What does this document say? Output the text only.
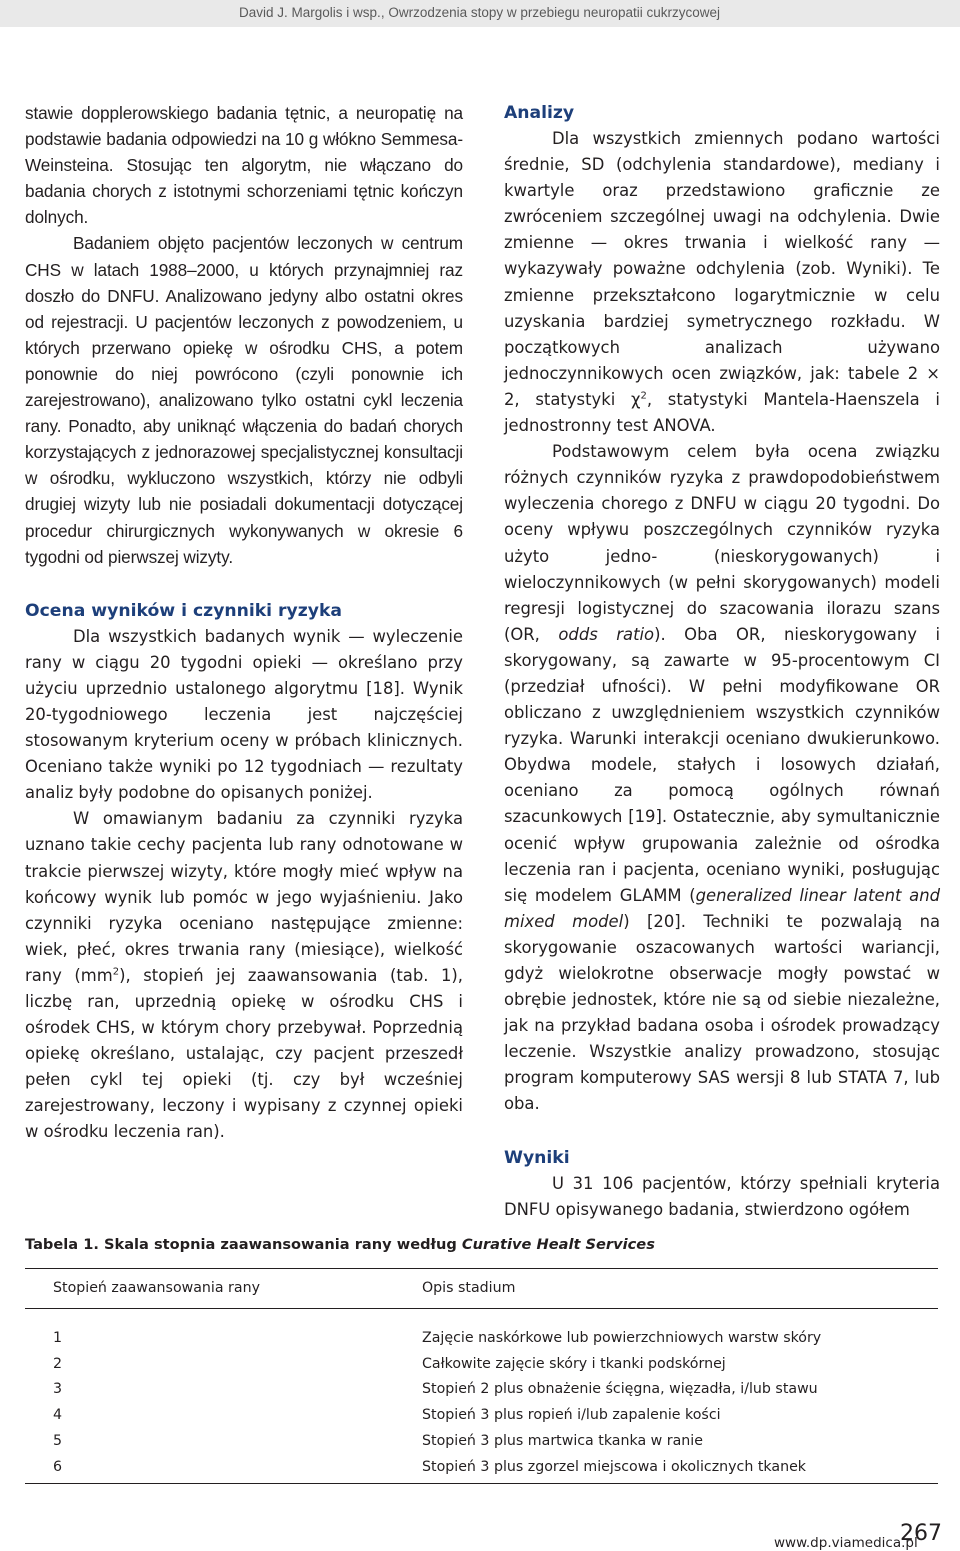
David J. Margolis i wsp., Owrzodzenia stopy w przebiegu neuropatii cukrzycowej

stawie dopplerowskiego badania tętnic, a neuropatię na podstawie badania odpowiedzi na 10 g włókno Semmesa-Weinsteina. Stosując ten algorytm, nie włączano do badania chorych z istotnymi schorzeniami tętnic kończyn dolnych.

Badaniem objęto pacjentów leczonych w centrum CHS w latach 1988–2000, u których przynajmniej raz doszło do DNFU. Analizowano jedyny albo ostatni okres od rejestracji. U pacjentów leczonych z powodzeniem, u których przerwano opiekę w ośrodku CHS, a potem ponownie do niej powrócono (czyli ponownie ich zarejestrowano), analizowano tylko ostatni cykl leczenia rany. Ponadto, aby uniknąć włączenia do badań chorych korzystających z jednorazowej specjalistycznej konsultacji w ośrodku, wykluczono wszystkich, którzy nie odbyli drugiej wizyty lub nie posiadali dokumentacji dotyczącej procedur chirurgicznych wykonywanych w okresie 6 tygodni od pierwszej wizyty.

Ocena wyników i czynniki ryzyka

Dla wszystkich badanych wynik — wyleczenie rany w ciągu 20 tygodni opieki — określano przy użyciu uprzednio ustalonego algorytmu [18]. Wynik 20-tygodniowego leczenia jest najczęściej stosowanym kryterium oceny w próbach klinicznych. Oceniano także wyniki po 12 tygodniach — rezultaty analiz były podobne do opisanych poniżej.

W omawianym badaniu za czynniki ryzyka uznano takie cechy pacjenta lub rany odnotowane w trakcie pierwszej wizyty, które mogły mieć wpływ na końcowy wynik lub pomóc w jego wyjaśnieniu. Jako czynniki ryzyka oceniano następujące zmienne: wiek, płeć, okres trwania rany (miesiące), wielkość rany $(mm^2)$, stopień jej zaawansowania (tab. 1), liczbę ran, uprzednią opiekę w ośrodku CHS i ośrodek CHS, w którym chory przebywał. Poprzednią opiekę określano, ustalając, czy pacjent przeszedł pełen cykl tej opieki (tj. czy był wcześniej zarejestrowany, leczony i wypisany z czynnej opieki w ośrodku leczenia ran).

Analizy

Dla wszystkich zmiennych podano wartości średnie, SD (odchylenia standardowe), mediany i kwartyle oraz przedstawiono graficznie ze zwróceniem szczególnej uwagi na odchylenia. Dwie zmienne — okres trwania i wielkość rany — wykazywały poważne odchylenia (zob. Wyniki). Te zmienne przekształcono logarytmicznie w celu uzyskania bardziej symetrycznego rozkładu. W początkowych analizach używano jednoczynnikowych ocen związków, jak: tabele 2 × 2, statystyki $\chi^2$, statystyki Mantela-Haenszela i jednostronny test ANOVA.

Podstawowym celem była ocena związku różnych czynników ryzyka z prawdopodobieństwem wyleczenia chorego z DNFU w ciągu 20 tygodni. Do oceny wpływu poszczególnych czynników ryzyka użyto jedno- (nieskorygowanych) i wieloczynnikowych (w pełni skorygowanych) modeli regresji logistycznej do szacowania ilorazu szans (OR, odds ratio). Oba OR, nieskorygowany i skorygowany, są zawarte w 95-procentowym CI (przedział ufności). W pełni modyfikowane OR obliczano z uwzględnieniem wszystkich czynników ryzyka. Warunki interakcji oceniano dwukierunkowo. Obydwa modele, stałych i losowych działań, oceniano za pomocą ogólnych równań szacunkowych [19]. Ostatecznie, aby symultanicznie ocenić wpływ grupowania zależnie od ośrodka leczenia ran i pacjenta, oceniano wyniki, posługując się modelem GLAMM (generalized linear latent and mixed model) [20]. Techniki te pozwalają na skorygowanie oszacowanych wartości wariancji, gdyż wielokrotne obserwacje mogły powstać w obrębie jednostek, które nie są od siebie niezależne, jak na przykład badana osoba i ośrodek prowadzący leczenie. Wszystkie analizy prowadzono, stosując program komputerowy SAS wersji 8 lub STATA 7, lub oba.

Wyniki

U 31 106 pacjentów, którzy spełniali kryteria DNFU opisywanego badania, stwierdzono ogółem

Tabela 1. Skala stopnia zaawansowania rany według Curative Healt Services
Stopień zaawansowania rany	Opis stadium
1	Zajęcie naskórkowe lub powierzchniowych warstw skóry
2	Całkowite zajęcie skóry i tkanki podskórnej
3	Stopień 2 plus obnażenie ścięgna, więzadła, i/lub stawu
4	Stopień 3 plus ropień i/lub zapalenie kości
5	Stopień 3 plus martwica tkanka w ranie
6	Stopień 3 plus zgorzel miejscowa i okolicznych tkanek
www.dp.viamedica.pl
267
